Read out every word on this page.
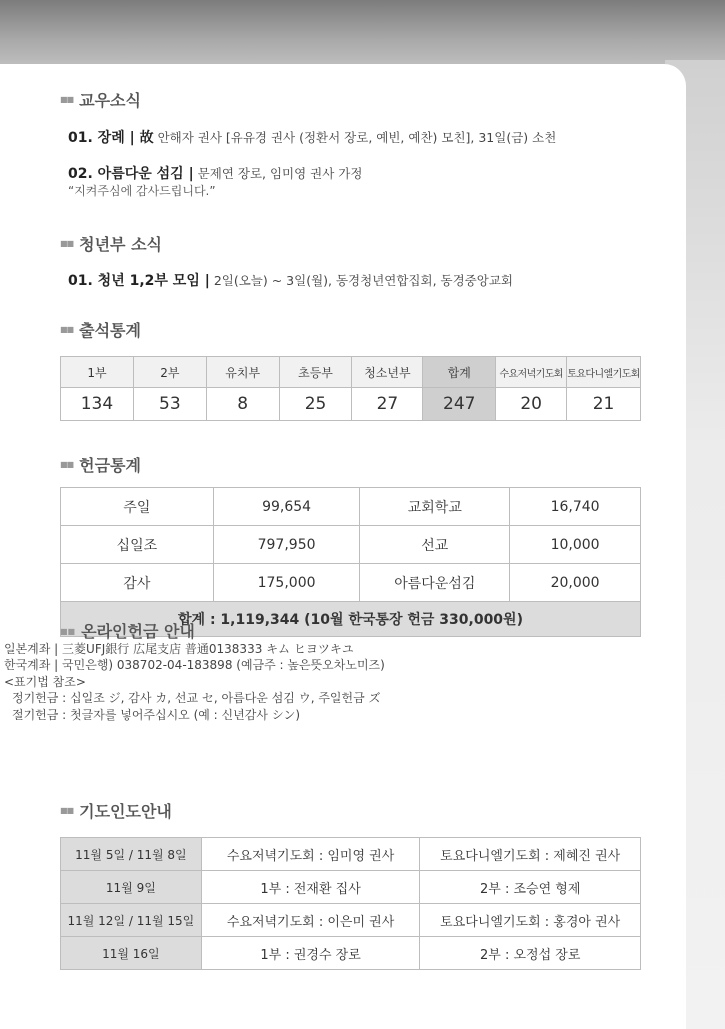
■■ 교우소식
01. 장례 | 故 안해자 권사 [유유경 권사 (정환서 장로, 예빈, 예찬) 모친], 31일(금) 소천
02. 아름다운 섬김 | 문제연 장로, 임미영 권사 가정
“지켜주심에 감사드립니다.”
■■ 청년부 소식
01. 청년 1,2부 모임 | 2일(오늘) ~ 3일(월), 동경청년연합집회, 동경중앙교회
■■ 출석통계
1부	2부	유치부	초등부	청소년부	합계	수요저녁기도회	토요다니엘기도회
134	53	8	25	27	247	20	21
■■ 헌금통계
주일	99,654	교회학교	16,740
십일조	797,950	선교	10,000
감사	175,000	아름다운섬김	20,000
합계 : 1,119,344 (10월 한국통장 헌금 330,000원)			
■■ 기도인도안내
11월 5일 / 11월 8일	수요저녁기도회 : 임미영 권사	토요다니엘기도회 : 제혜진 권사
11월 9일	1부 : 전재환 집사	2부 : 조승연 형제
11월 12일 / 11월 15일	수요저녁기도회 : 이은미 권사	토요다니엘기도회 : 홍경아 권사
11월 16일	1부 : 권경수 장로	2부 : 오정섭 장로
■■ 온라인헌금 안내
일본계좌 | 三菱UFJ銀行 広尾支店 普通0138333 キム ヒヨツキユ
한국계좌 | 국민은행) 038702-04-183898 (예금주 : 높은뜻오차노미즈)
<표기법 참조>
정기헌금 : 십일조 ジ, 감사 カ, 선교 セ, 아름다운 섬김 ウ, 주일헌금 ズ
절기헌금 : 첫글자를 넣어주십시오 (예 : 신년감사 シン)
